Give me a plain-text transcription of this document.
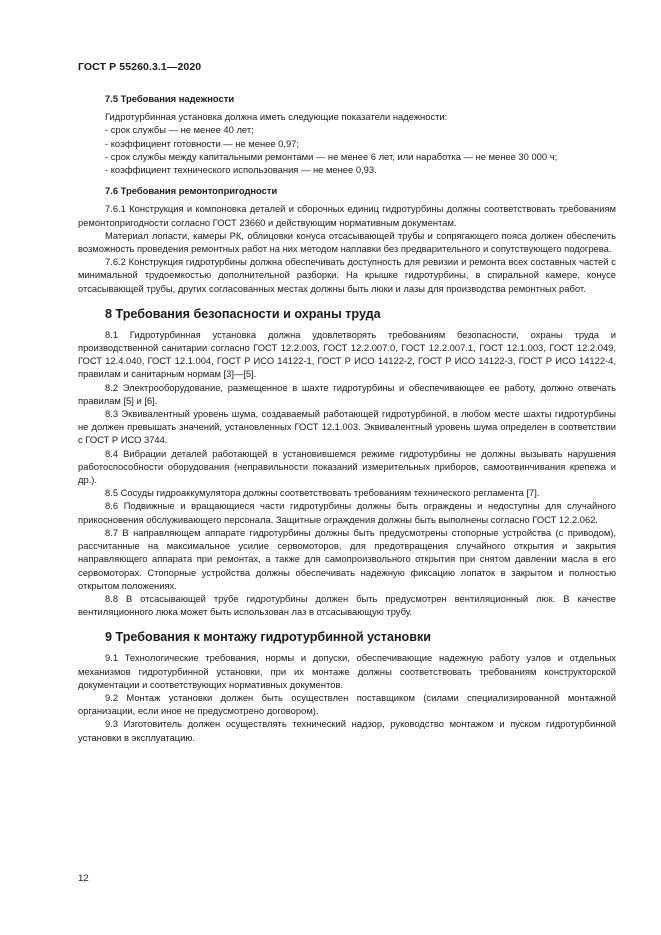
ГОСТ Р 55260.3.1—2020
7.5 Требования надежности

Гидротурбинная установка должна иметь следующие показатели надежности:

- срок службы — не менее 40 лет;

- коэффициент готовности — не менее 0,97;

- срок службы между капитальными ремонтами — не менее 6 лет, или наработка — не менее 30 000 ч;

- коэффициент технического использования — не менее 0,93.

7.6 Требования ремонтопригодности

7.6.1 Конструкция и компоновка деталей и сборочных единиц гидротурбины должны соответствовать требованиям ремонтопригодности согласно ГОСТ 23660 и действующим нормативным документам.

Материал лопасти, камеры РК, облицовки конуса отсасывающей трубы и сопрягающего пояса должен обеспечить возможность проведения ремонтных работ на них методом наплавки без предварительного и сопутствующего подогрева.

7.6.2 Конструкция гидротурбины должна обеспечивать доступность для ревизии и ремонта всех составных частей с минимальной трудоемкостью дополнительной разборки. На крышке гидротурбины, в спиральной камере, конусе отсасывающей трубы, других согласованных местах должны быть люки и лазы для производства ремонтных работ.

8 Требования безопасности и охраны труда

8.1 Гидротурбинная установка должна удовлетворять требованиям безопасности, охраны труда и производственной санитарии согласно ГОСТ 12.2.003, ГОСТ 12.2.007.0, ГОСТ 12.2.007.1, ГОСТ 12.1.003, ГОСТ 12.2.049, ГОСТ 12.4.040, ГОСТ 12.1.004, ГОСТ Р ИСО 14122-1, ГОСТ Р ИСО 14122-2, ГОСТ Р ИСО 14122-3, ГОСТ Р ИСО 14122-4, правилам и санитарным нормам [3]—[5].

8.2 Электрооборудование, размещенное в шахте гидротурбины и обеспечивающее ее работу, должно отвечать правилам [5] и [6].

8.3 Эквивалентный уровень шума, создаваемый работающей гидротурбиной, в любом месте шахты гидротурбины не должен превышать значений, установленных ГОСТ 12.1.003. Эквивалентный уровень шума определен в соответствии с ГОСТ Р ИСО 3744.

8.4 Вибрации деталей работающей в установившемся режиме гидротурбины не должны вызывать нарушения работоспособности оборудования (неправильности показаний измерительных приборов, самоотвинчивания крепежа и др.).

8.5 Сосуды гидроаккумулятора должны соответствовать требованиям технического регламента [7].

8.6 Подвижные и вращающиеся части гидротурбины должны быть ограждены и недоступны для случайного прикосновения обслуживающего персонала. Защитные ограждения должны быть выполнены согласно ГОСТ 12.2.062.

8.7 В направляющем аппарате гидротурбины должны быть предусмотрены стопорные устройства (с приводом), рассчитанные на максимальное усилие сервомоторов, для предотвращения случайного открытия и закрытия направляющего аппарата при ремонтах, а также для самопроизвольного открытия при снятом давлении масла в его сервомоторах. Стопорные устройства должны обеспечивать надежную фиксацию лопаток в закрытом и полностью открытом положениях.

8.8 В отсасывающей трубе гидротурбины должен быть предусмотрен вентиляционный люк. В качестве вентиляционного люка может быть использован лаз в отсасывающую трубу.

9 Требования к монтажу гидротурбинной установки

9.1 Технологические требования, нормы и допуски, обеспечивающие надежную работу узлов и отдельных механизмов гидротурбинной установки, при их монтаже должны соответствовать требованиям конструкторской документации и соответствующих нормативных документов.

9.2 Монтаж установки должен быть осуществлен поставщиком (силами специализированной монтажной организации, если иное не предусмотрено договором).

9.3 Изготовитель должен осуществлять технический надзор, руководство монтажом и пуском гидротурбинной установки в эксплуатацию.

12
